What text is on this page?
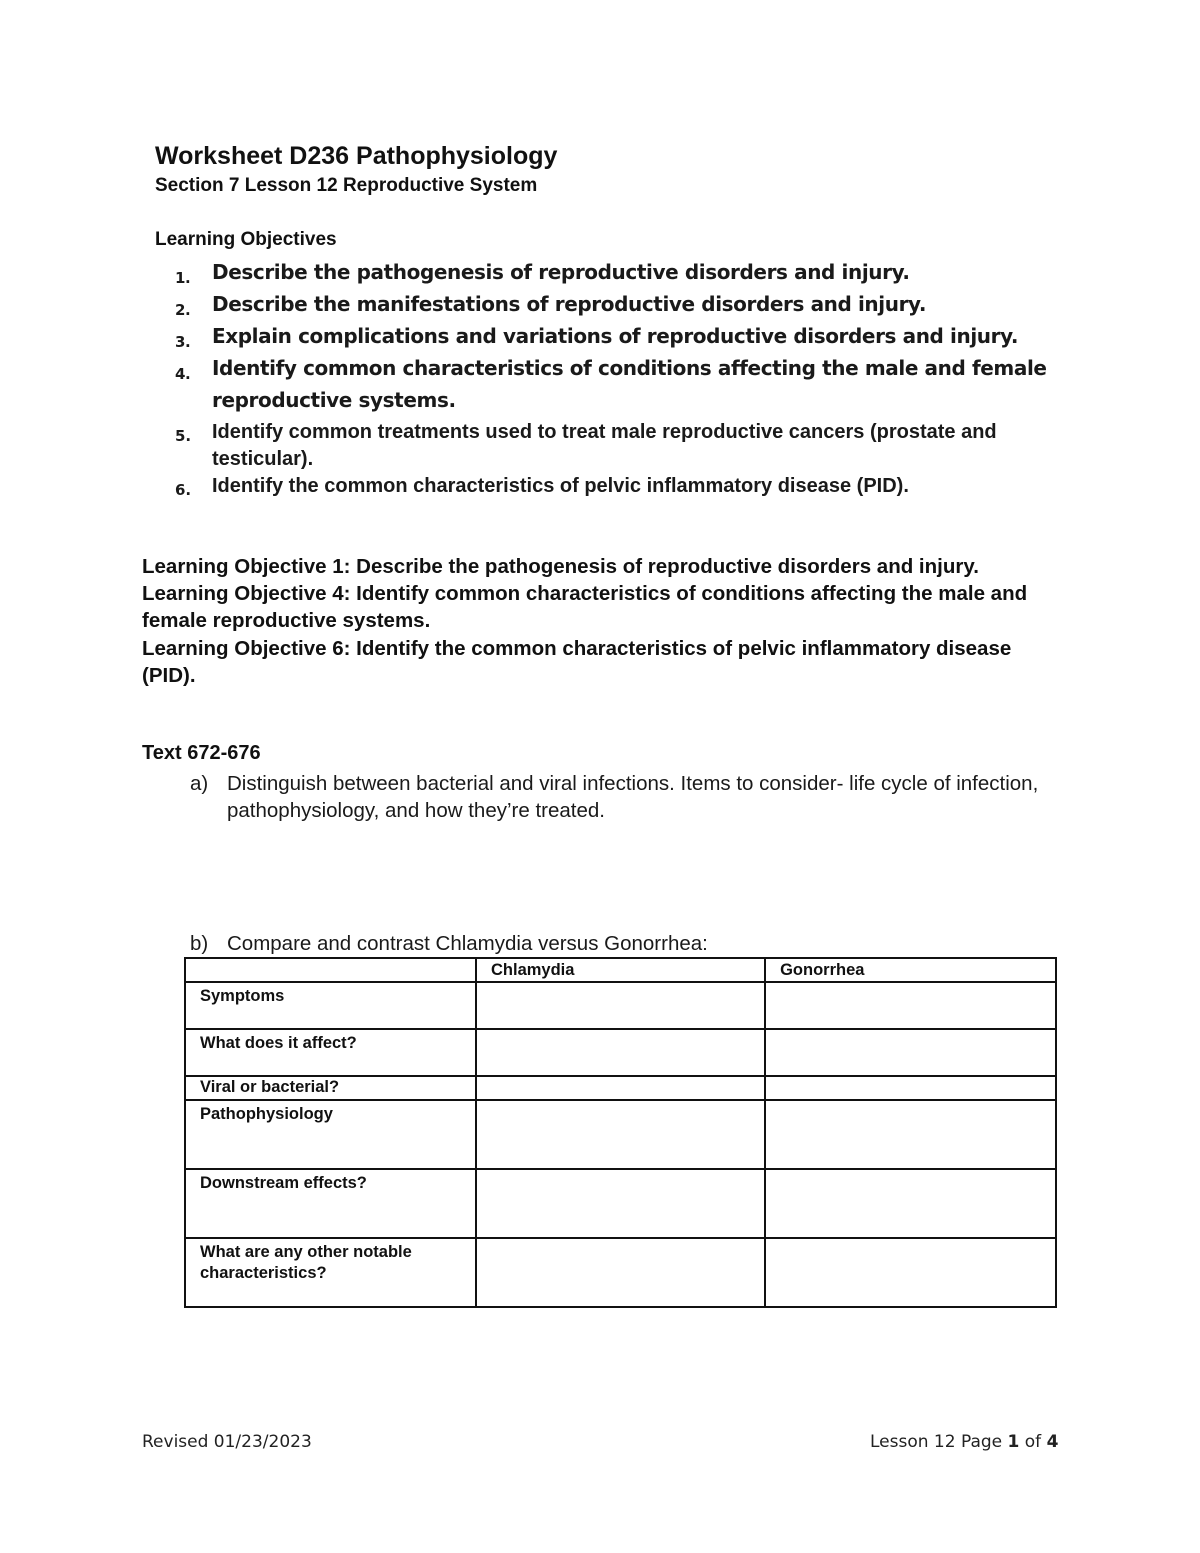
Worksheet D236 Pathophysiology
Section 7 Lesson 12 Reproductive System
Learning Objectives
1. Describe the pathogenesis of reproductive disorders and injury.
2. Describe the manifestations of reproductive disorders and injury.
3. Explain complications and variations of reproductive disorders and injury.
4. Identify common characteristics of conditions affecting the male and female reproductive systems.
5. Identify common treatments used to treat male reproductive cancers (prostate and testicular).
6. Identify the common characteristics of pelvic inflammatory disease (PID).
Learning Objective 1: Describe the pathogenesis of reproductive disorders and injury.
Learning Objective 4: Identify common characteristics of conditions affecting the male and female reproductive systems.
Learning Objective 6: Identify the common characteristics of pelvic inflammatory disease (PID).
Text 672-676
a) Distinguish between bacterial and viral infections. Items to consider- life cycle of infection, pathophysiology, and how they’re treated.
b) Compare and contrast Chlamydia versus Gonorrhea:
	Chlamydia	Gonorrhea
Symptoms		
What does it affect?		
Viral or bacterial?		
Pathophysiology		
Downstream effects?		
What are any other notable characteristics?		
Revised 01/23/2023	Lesson 12 Page 1 of 4
